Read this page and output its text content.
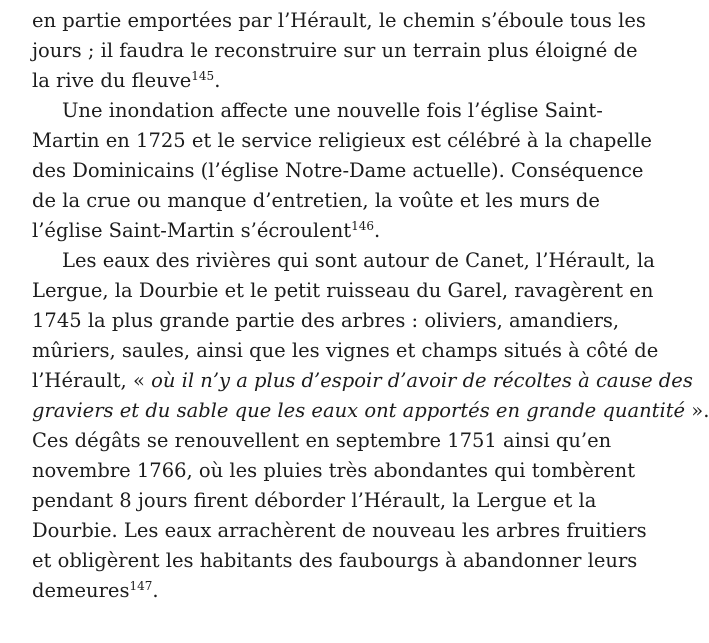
en partie emportées par l’Hérault, le chemin s’éboule tous les
jours ; il faudra le reconstruire sur un terrain plus éloigné de
la rive du fleuve$^{145}$.
Une inondation affecte une nouvelle fois l’église Saint-
Martin en 1725 et le service religieux est célébré à la chapelle
des Dominicains (l’église Notre-Dame actuelle). Conséquence
de la crue ou manque d’entretien, la voûte et les murs de
l’église Saint-Martin s’écroulent$^{146}$.
Les eaux des rivières qui sont autour de Canet, l’Hérault, la
Lergue, la Dourbie et le petit ruisseau du Garel, ravagèrent en
1745 la plus grande partie des arbres : oliviers, amandiers,
mûriers, saules, ainsi que les vignes et champs situés à côté de
l’Hérault, « où il n’y a plus d’espoir d’avoir de récoltes à cause des
graviers et du sable que les eaux ont apportés en grande quantité ».
Ces dégâts se renouvellent en septembre 1751 ainsi qu’en
novembre 1766, où les pluies très abondantes qui tombèrent
pendant 8 jours firent déborder l’Hérault, la Lergue et la
Dourbie. Les eaux arrachèrent de nouveau les arbres fruitiers
et obligèrent les habitants des faubourgs à abandonner leurs
demeures$^{147}$.
